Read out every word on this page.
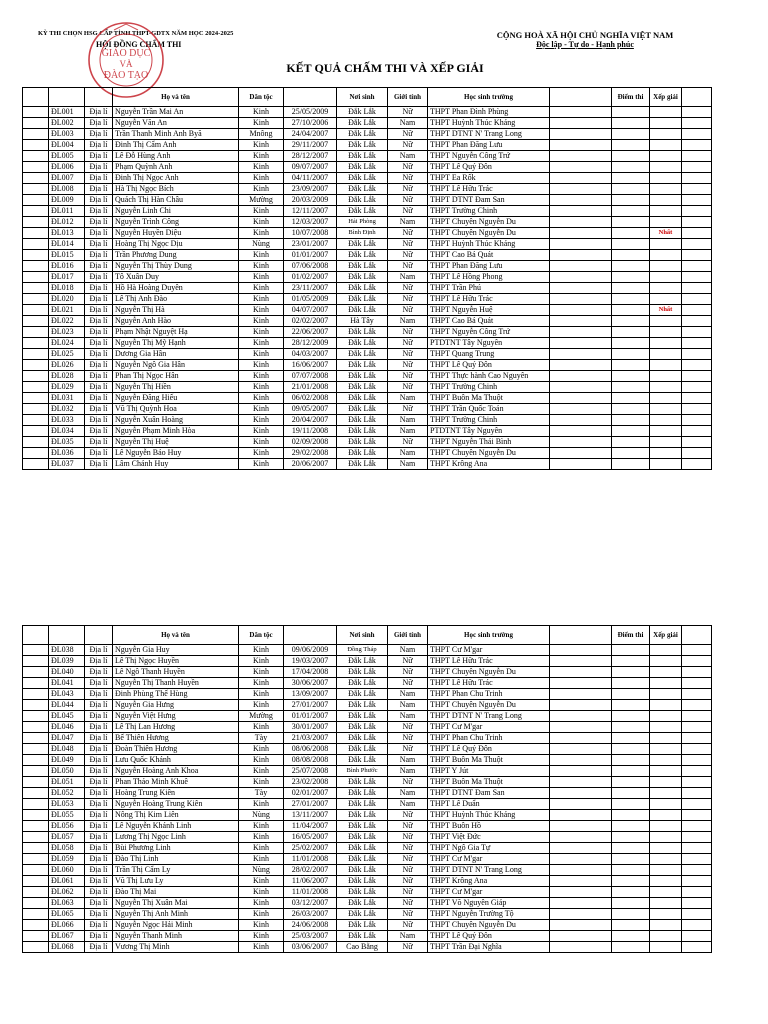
KỲ THI CHỌN HSG CẤP TỈNH THPT-GDTX NĂM HỌC 2024-2025
HỘI ĐỒNG CHẤM THI
CỘNG HOÀ XÃ HỘI CHỦ NGHĨA VIỆT NAM
Độc lập - Tự do - Hạnh phúc
GIÁO DỤC
VÀ
ĐÀO TẠO
KẾT QUẢ CHẤM THI VÀ XẾP GIẢI
			Họ và tên	Dân tộc		Nơi sinh	Giới tính	Học sinh trường		Điểm thi	Xếp giải	
	ĐL001	Địa lí	Nguyễn Trần Mai An	Kinh	25/05/2009	Đắk Lắk	Nữ	THPT Phan Đình Phùng				
	ĐL002	Địa lí	Nguyễn Văn An	Kinh	27/10/2006	Đắk Lắk	Nam	THPT Huỳnh Thúc Kháng				
	ĐL003	Địa lí	Trần Thanh Minh Anh Byă	Mnông	24/04/2007	Đắk Lắk	Nữ	THPT DTNT N' Trang Long				
	ĐL004	Địa lí	Đinh Thị Cẩm Anh	Kinh	29/11/2007	Đắk Lắk	Nữ	THPT Phan Đăng Lưu				
	ĐL005	Địa lí	Lê Đỗ Hùng Anh	Kinh	28/12/2007	Đắk Lắk	Nam	THPT Nguyễn Công Trứ				
	ĐL006	Địa lí	Phạm Quỳnh Anh	Kinh	09/07/2007	Đắk Lắk	Nữ	THPT Lê Quý Đôn				
	ĐL007	Địa lí	Đinh Thị Ngọc Anh	Kinh	04/11/2007	Đắk Lắk	Nữ	THPT Ea Rốk				
	ĐL008	Địa lí	Hà Thị Ngọc Bích	Kinh	23/09/2007	Đắk Lắk	Nữ	THPT Lê Hữu Trác				
	ĐL009	Địa lí	Quách Thị Hàn Châu	Mường	20/03/2009	Đắk Lắk	Nữ	THPT DTNT Đam San				
	ĐL011	Địa lí	Nguyễn Linh Chi	Kinh	12/11/2007	Đắk Lắk	Nữ	THPT Trường Chinh				
	ĐL012	Địa lí	Nguyễn Trình Công	Kinh	12/03/2007	Hải Phòng	Nam	THPT Chuyên Nguyễn Du				
	ĐL013	Địa lí	Nguyễn Huyền Diệu	Kinh	10/07/2008	Bình Định	Nữ	THPT Chuyên Nguyễn Du			Nhất	
	ĐL014	Địa lí	Hoàng Thị Ngọc Dịu	Nùng	23/01/2007	Đắk Lắk	Nữ	THPT Huỳnh Thúc Kháng				
	ĐL015	Địa lí	Trần Phương Dung	Kinh	01/01/2007	Đắk Lắk	Nữ	THPT Cao Bá Quát				
	ĐL016	Địa lí	Nguyễn Thị Thùy Dung	Kinh	07/06/2008	Đắk Lắk	Nữ	THPT Phan Đăng Lưu				
	ĐL017	Địa lí	Tô Xuân Duy	Kinh	01/02/2007	Đắk Lắk	Nam	THPT Lê Hồng Phong				
	ĐL018	Địa lí	Hồ Hà Hoàng Duyên	Kinh	23/11/2007	Đắk Lắk	Nữ	THPT Trần Phú				
	ĐL020	Địa lí	Lê Thị Anh Đào	Kinh	01/05/2009	Đắk Lắk	Nữ	THPT Lê Hữu Trác				
	ĐL021	Địa lí	Nguyễn Thị Hà	Kinh	04/07/2007	Đắk Lắk	Nữ	THPT Nguyễn Huệ			Nhất	
	ĐL022	Địa lí	Nguyễn Anh Hào	Kinh	02/02/2007	Hà Tây	Nam	THPT Cao Bá Quát				
	ĐL023	Địa lí	Phạm Nhật Nguyệt Hạ	Kinh	22/06/2007	Đắk Lắk	Nữ	THPT Nguyễn Công Trứ				
	ĐL024	Địa lí	Nguyễn Thị Mỹ Hạnh	Kinh	28/12/2009	Đắk Lắk	Nữ	PTDTNT Tây Nguyên				
	ĐL025	Địa lí	Dương Gia Hân	Kinh	04/03/2007	Đắk Lắk	Nữ	THPT Quang Trung				
	ĐL026	Địa lí	Nguyễn Ngô Gia Hân	Kinh	16/06/2007	Đắk Lắk	Nữ	THPT Lê Quý Đôn				
	ĐL028	Địa lí	Phan Thị Ngọc Hân	Kinh	07/07/2008	Đắk Lắk	Nữ	THPT Thực hành Cao Nguyên				
	ĐL029	Địa lí	Nguyễn Thị Hiền	Kinh	21/01/2008	Đắk Lắk	Nữ	THPT Trường Chinh				
	ĐL031	Địa lí	Nguyễn Đăng Hiếu	Kinh	06/02/2008	Đắk Lắk	Nam	THPT Buôn Ma Thuột				
	ĐL032	Địa lí	Vũ Thị Quỳnh Hoa	Kinh	09/05/2007	Đắk Lắk	Nữ	THPT Trần Quốc Toản				
	ĐL033	Địa lí	Nguyễn Xuân Hoàng	Kinh	20/04/2007	Đắk Lắk	Nam	THPT Trường Chinh				
	ĐL034	Địa lí	Nguyễn Phạm Minh Hòa	Kinh	19/11/2008	Đắk Lắk	Nam	PTDTNT Tây Nguyên				
	ĐL035	Địa lí	Nguyễn Thị Huệ	Kinh	02/09/2008	Đắk Lắk	Nữ	THPT Nguyễn Thái Bình				
	ĐL036	Địa lí	Lê Nguyễn Bảo Huy	Kinh	29/02/2008	Đắk Lắk	Nam	THPT Chuyên Nguyễn Du				
	ĐL037	Địa lí	Lâm Chánh Huy	Kinh	20/06/2007	Đắk Lắk	Nam	THPT Krông Ana				
			Họ và tên	Dân tộc		Nơi sinh	Giới tính	Học sinh trường		Điểm thi	Xếp giải	
	ĐL038	Địa lí	Nguyễn Gia Huy	Kinh	09/06/2009	Đồng Tháp	Nam	THPT Cư M'gar				
	ĐL039	Địa lí	Lê Thị Ngọc Huyền	Kinh	19/03/2007	Đắk Lắk	Nữ	THPT Lê Hữu Trác				
	ĐL040	Địa lí	Lê Ngô Thanh Huyền	Kinh	17/04/2008	Đắk Lắk	Nữ	THPT Chuyên Nguyễn Du				
	ĐL041	Địa lí	Nguyễn Thị Thanh Huyền	Kinh	30/06/2007	Đắk Lắk	Nữ	THPT Lê Hữu Trác				
	ĐL043	Địa lí	Đinh Phùng Thế Hùng	Kinh	13/09/2007	Đắk Lắk	Nam	THPT Phan Chu Trinh				
	ĐL044	Địa lí	Nguyễn Gia Hưng	Kinh	27/01/2007	Đắk Lắk	Nam	THPT Chuyên Nguyễn Du				
	ĐL045	Địa lí	Nguyễn Việt Hưng	Mường	01/01/2007	Đắk Lắk	Nam	THPT DTNT N' Trang Long				
	ĐL046	Địa lí	Lê Thị Lan Hương	Kinh	30/01/2007	Đắk Lắk	Nữ	THPT Cư M'gar				
	ĐL047	Địa lí	Bế Thiên Hương	Tày	21/03/2007	Đắk Lắk	Nữ	THPT Phan Chu Trinh				
	ĐL048	Địa lí	Đoàn Thiên Hương	Kinh	08/06/2008	Đắk Lắk	Nữ	THPT Lê Quý Đôn				
	ĐL049	Địa lí	Lưu Quốc Khánh	Kinh	08/08/2008	Đắk Lắk	Nam	THPT Buôn Ma Thuột				
	ĐL050	Địa lí	Nguyễn Hoàng Anh Khoa	Kinh	25/07/2008	Bình Phước	Nam	THPT Y Jút				
	ĐL051	Địa lí	Phan Thảo Minh Khuê	Kinh	23/02/2008	Đắk Lắk	Nữ	THPT Buôn Ma Thuột				
	ĐL052	Địa lí	Hoàng Trung Kiên	Tày	02/01/2007	Đắk Lắk	Nam	THPT DTNT Đam San				
	ĐL053	Địa lí	Nguyễn Hoàng Trung Kiên	Kinh	27/01/2007	Đắk Lắk	Nam	THPT Lê Duẩn				
	ĐL055	Địa lí	Nông Thị Kim Liên	Nùng	13/11/2007	Đắk Lắk	Nữ	THPT Huỳnh Thúc Kháng				
	ĐL056	Địa lí	Lê Nguyễn Khánh Linh	Kinh	11/04/2007	Đắk Lắk	Nữ	THPT Buôn Hồ				
	ĐL057	Địa lí	Lương Thị Ngọc Linh	Kinh	16/05/2007	Đắk Lắk	Nữ	THPT Việt Đức				
	ĐL058	Địa lí	Bùi Phương Linh	Kinh	25/02/2007	Đắk Lắk	Nữ	THPT Ngô Gia Tự				
	ĐL059	Địa lí	Đào Thị Linh	Kinh	11/01/2008	Đắk Lắk	Nữ	THPT Cư M'gar				
	ĐL060	Địa lí	Trần Thị Cẩm Ly	Nùng	28/02/2007	Đắk Lắk	Nữ	THPT DTNT N' Trang Long				
	ĐL061	Địa lí	Vũ Thị Lưu Ly	Kinh	11/06/2007	Đắk Lắk	Nữ	THPT Krông Ana				
	ĐL062	Địa lí	Đào Thị Mai	Kinh	11/01/2008	Đắk Lắk	Nữ	THPT Cư M'gar				
	ĐL063	Địa lí	Nguyễn Thị Xuân Mai	Kinh	03/12/2007	Đắk Lắk	Nữ	THPT Võ Nguyên Giáp				
	ĐL065	Địa lí	Nguyễn Thị Anh Minh	Kinh	26/03/2007	Đắk Lắk	Nữ	THPT Nguyễn Trường Tộ				
	ĐL066	Địa lí	Nguyễn Ngọc Hải Minh	Kinh	24/06/2008	Đắk Lắk	Nữ	THPT Chuyên Nguyễn Du				
	ĐL067	Địa lí	Nguyễn Thanh Minh	Kinh	25/03/2007	Đắk Lắk	Nam	THPT Lê Quý Đôn				
	ĐL068	Địa lí	Vương Thị Minh	Kinh	03/06/2007	Cao Bằng	Nữ	THPT Trần Đại Nghĩa				
